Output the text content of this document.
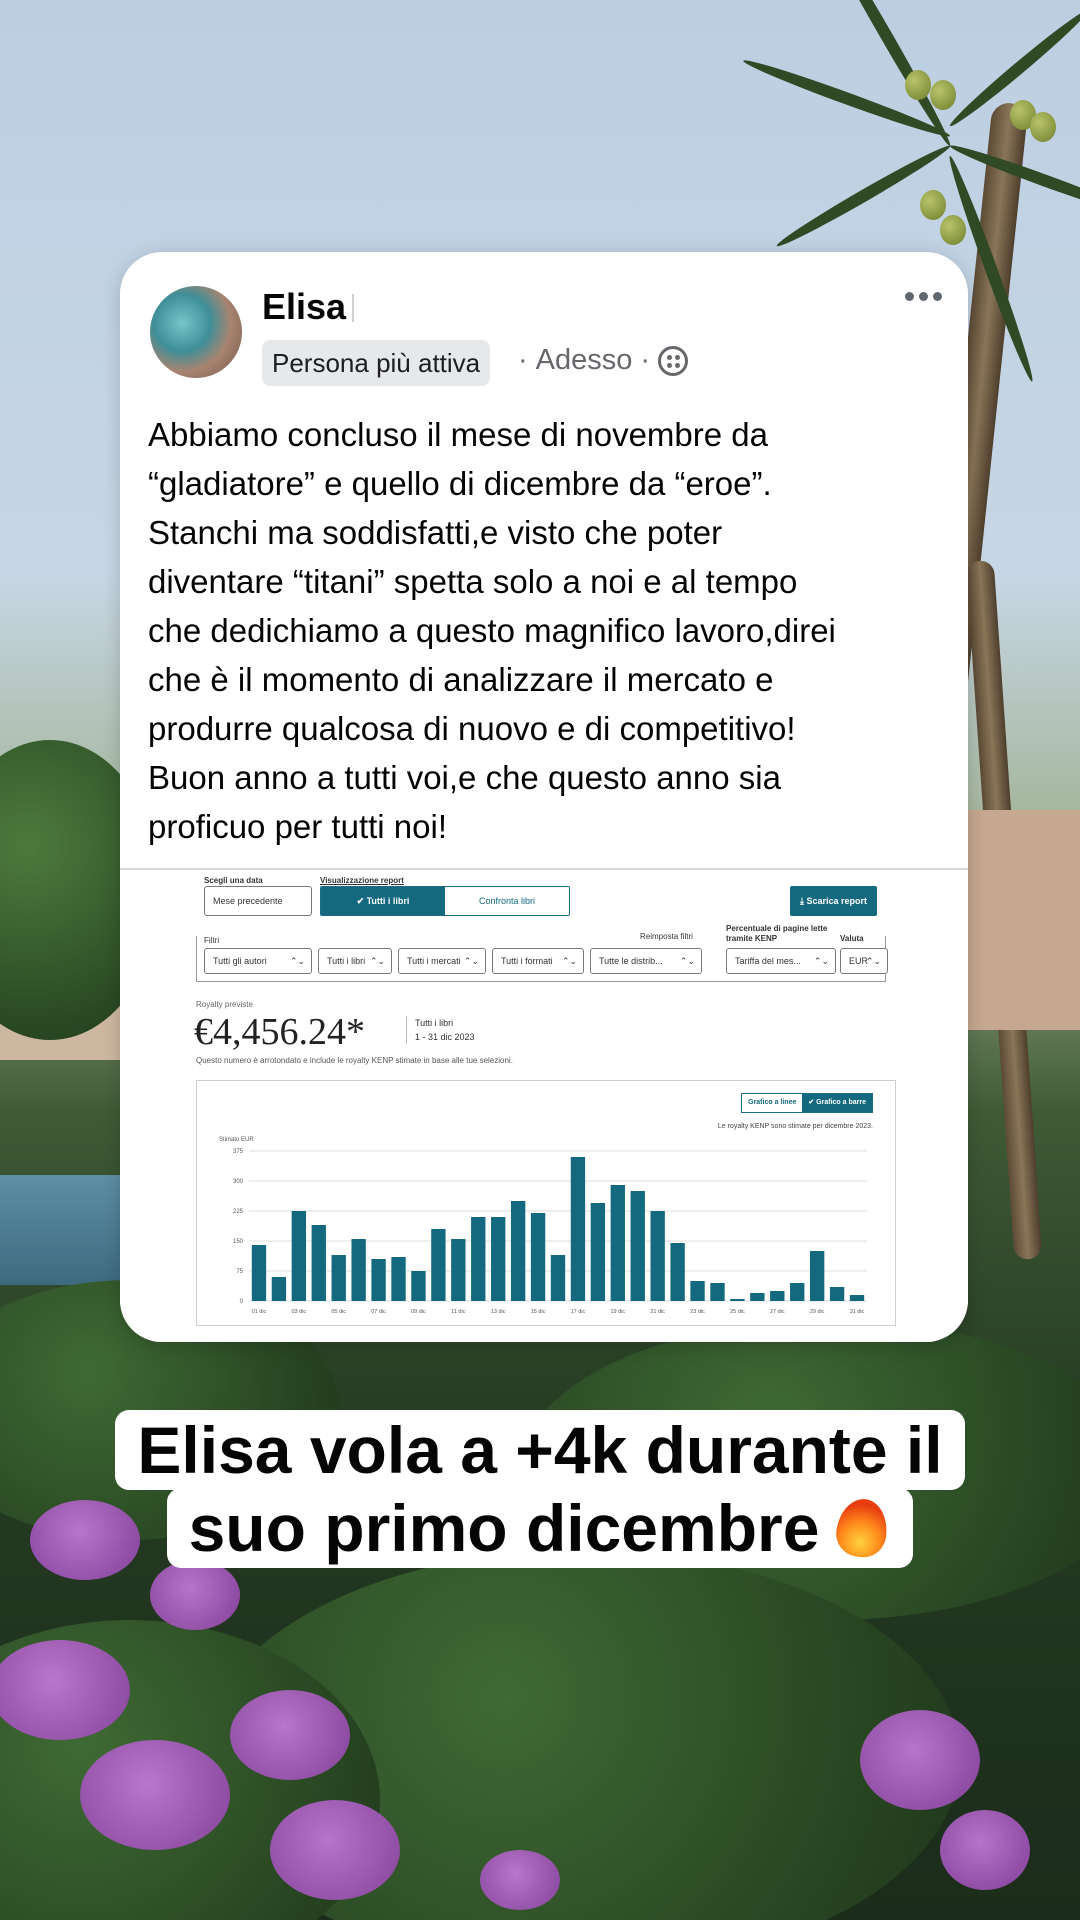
Elisa
Persona più attiva	· Adesso ·
Abbiamo concluso il mese di novembre da
“gladiatore” e quello di dicembre da “eroe”.
Stanchi ma soddisfatti,e visto che poter
diventare “titani” spetta solo a noi e al tempo
che dedichiamo a questo magnifico lavoro,direi
che è il momento di analizzare il mercato e
produrre qualcosa di nuovo e di competitivo!
Buon anno a tutti voi,e che questo anno sia
proficuo per tutti noi!
Scegli una data
Mese precedente
Visualizzazione report
✔ Tutti i libri	Confronta libri	⤓ Scarica report
Filtri	Reimposta filtri
Percentuale di pagine lette
tramite KENP	Valuta
Tutti gli autori	⌃⌄	Tutti i libri ⌃⌄	Tutti i mercati ⌃⌄	Tutti i formati ⌃⌄	Tutte le distrib... ⌃⌄	Tariffa del mes... ⌃⌄	EUR
⌃⌄
Royalty previste
€4,456.24*	Tutti i libri
1 - 31 dic 2023
Questo numero è arrotondato e include le royalty KENP stimate in base alle tue selezioni.
Grafico a linee	✔ Grafico a barre
Le royalty KENP sono stimate per dicembre 2023.
Stimato EUR
375
300
225
150
75
0
01 dic	03 dic	05 dic	07 dic	09 dic	11 dic	13 dic	15 dic	17 dic	19 dic	21 dic	23 dic	25 dic	27 dic	29 dic	31 dic
Elisa vola a +4k durante il
suo primo dicembre
